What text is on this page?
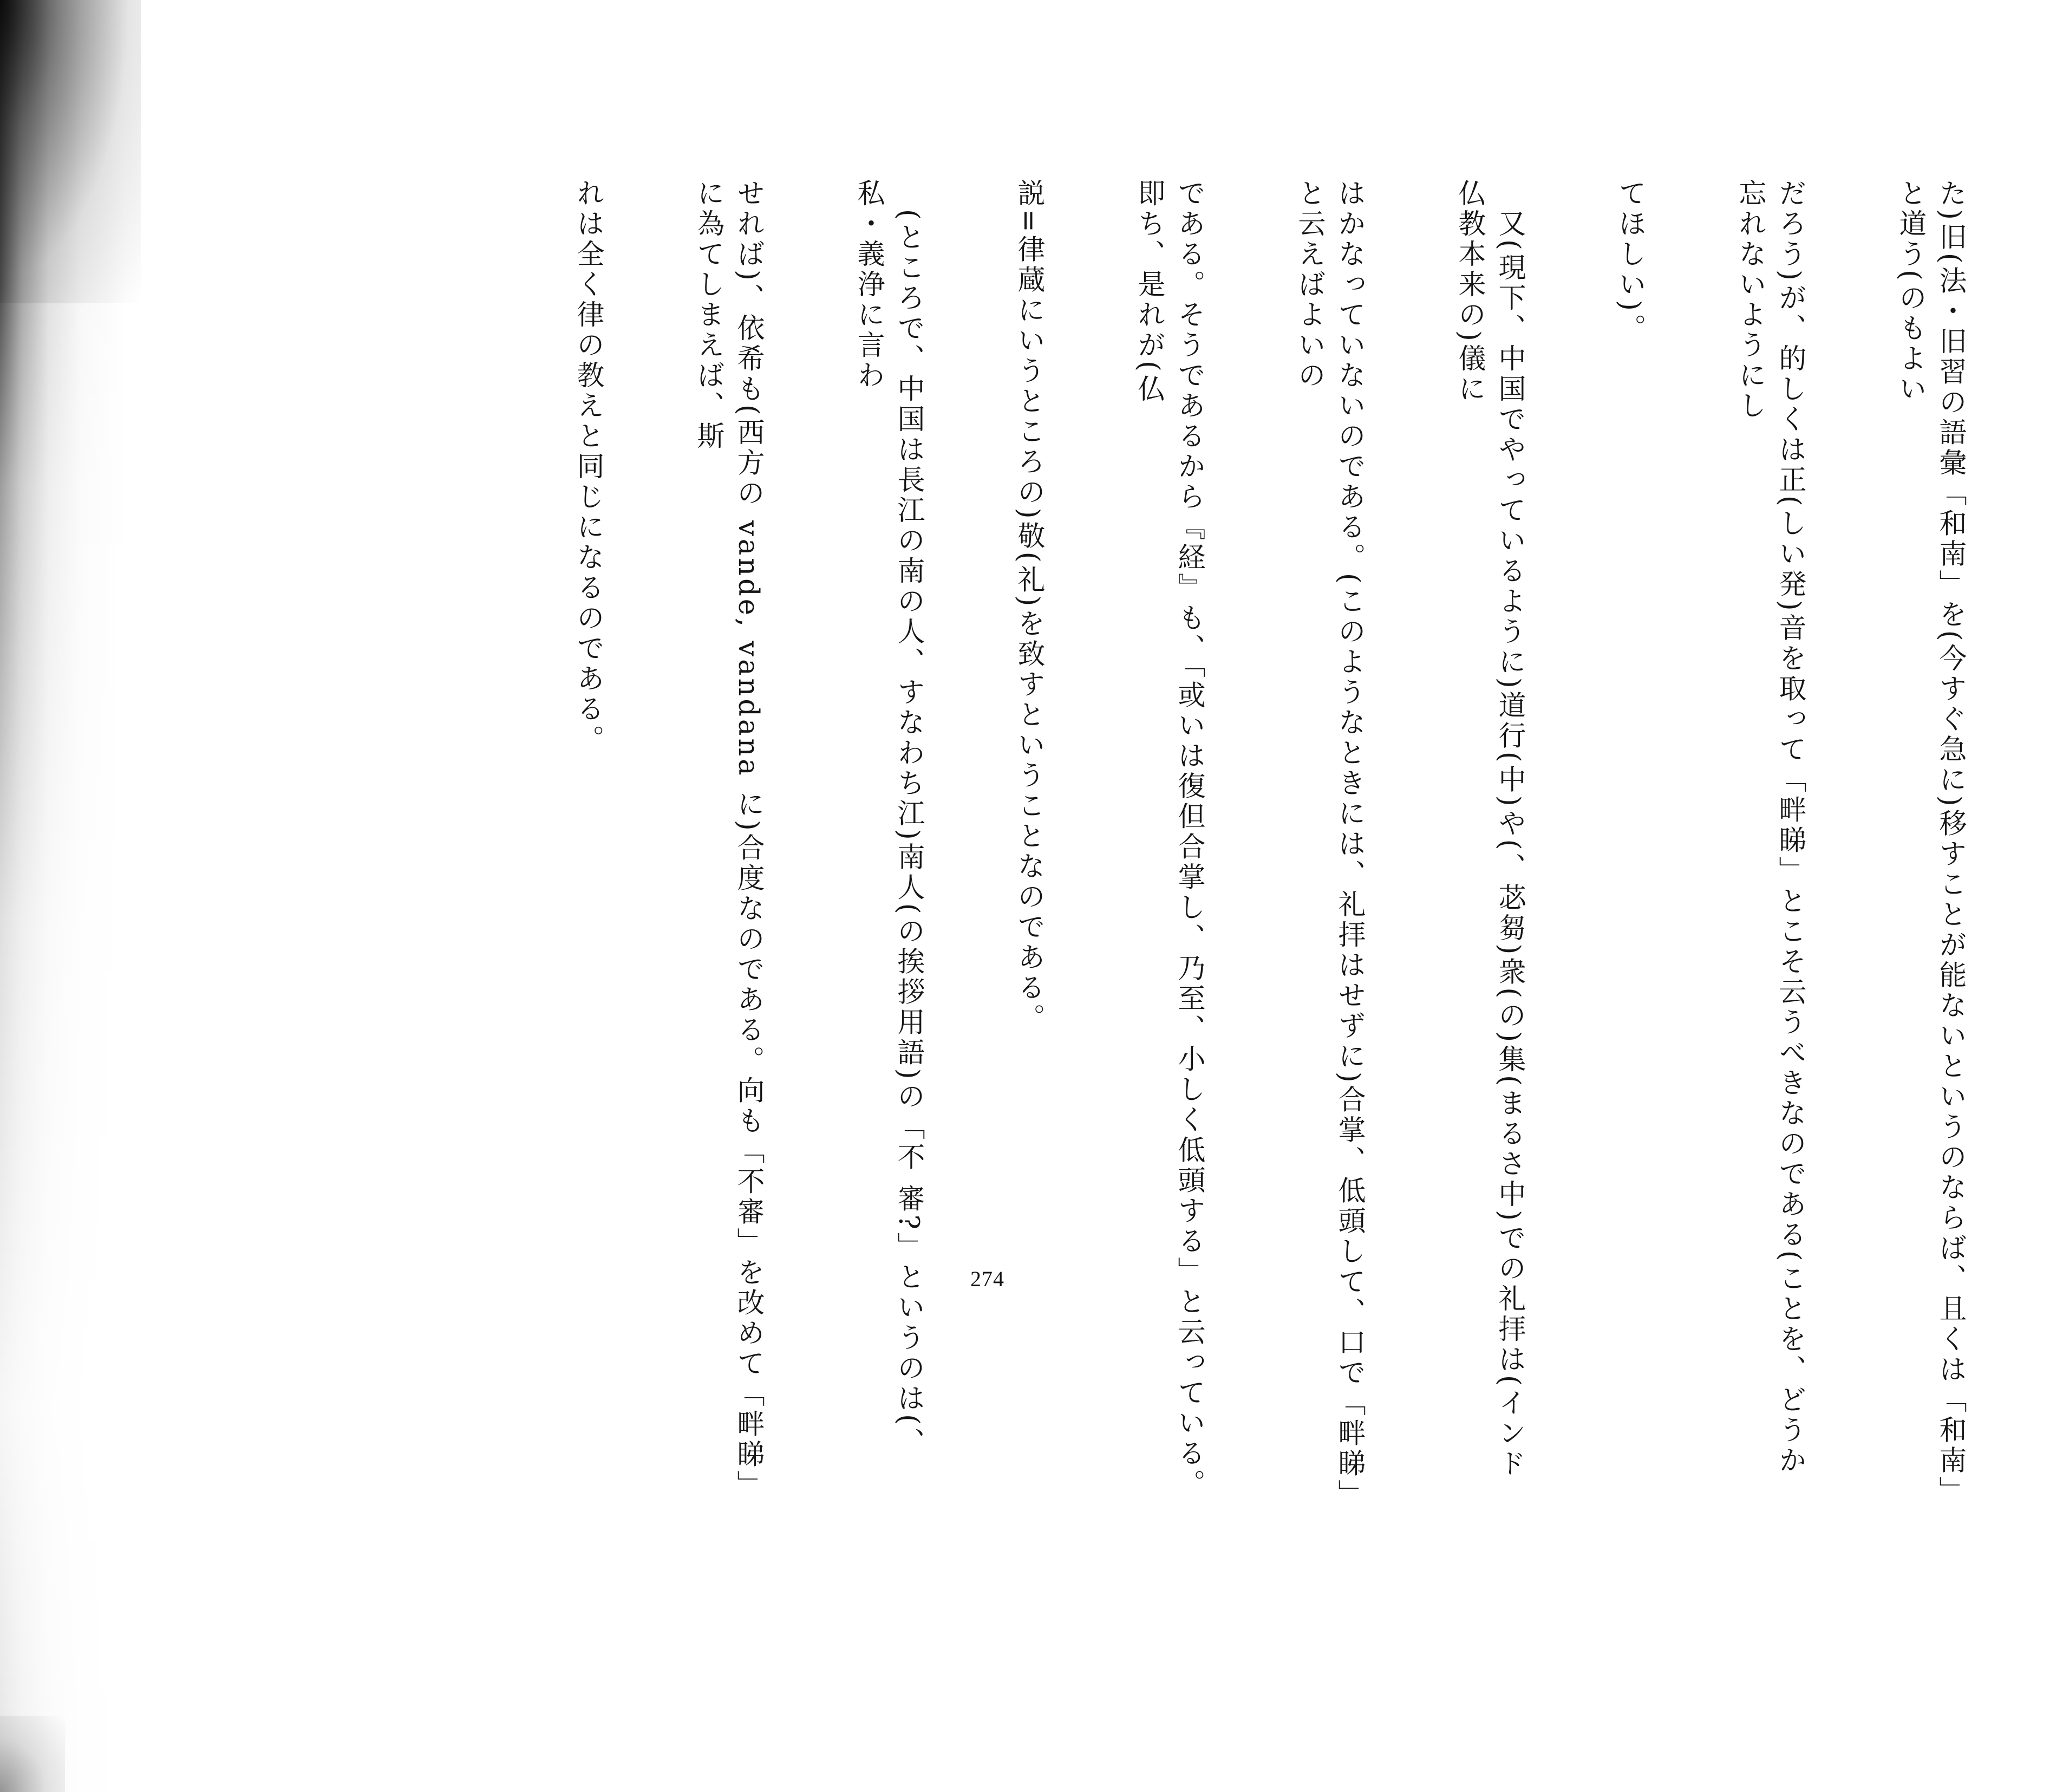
た)旧(法・旧習の語彙「和南」を(今すぐ急に)移すことが能ないというのならば、且くは「和南」と道う(のもよい

だろう)が、的しくは正(しい発)音を取って「畔睇」とこそ云うべきなのである(ことを、どうか忘れないようにし

てほしい)。

　又(現下、中国でやっているように)道行(中)や(、苾芻)衆(の)集(まるさ中)での礼拝は(インド仏教本来の)儀に

はかなっていないのである。(このようなときには、礼拝はせずに)合掌、低頭して、口で「畔睇」と云えばよいの

である。そうであるから『経』も、「或いは復但合掌し、乃至、小しく低頭する」と云っている。即ち、是れが(仏

説=律蔵にいうところの)敬(礼)を致すということなのである。

　(ところで、中国は長江の南の人、すなわち江)南人(の挨拶用語)の「不 審?」というのは(、私・義浄に言わ

せれば)、依希も(西方の vande, vandana に)合度なのである。向も「不審」を改めて「畔睇」に為てしまえば、斯

れは全く律の教えと同じになるのである。

274
